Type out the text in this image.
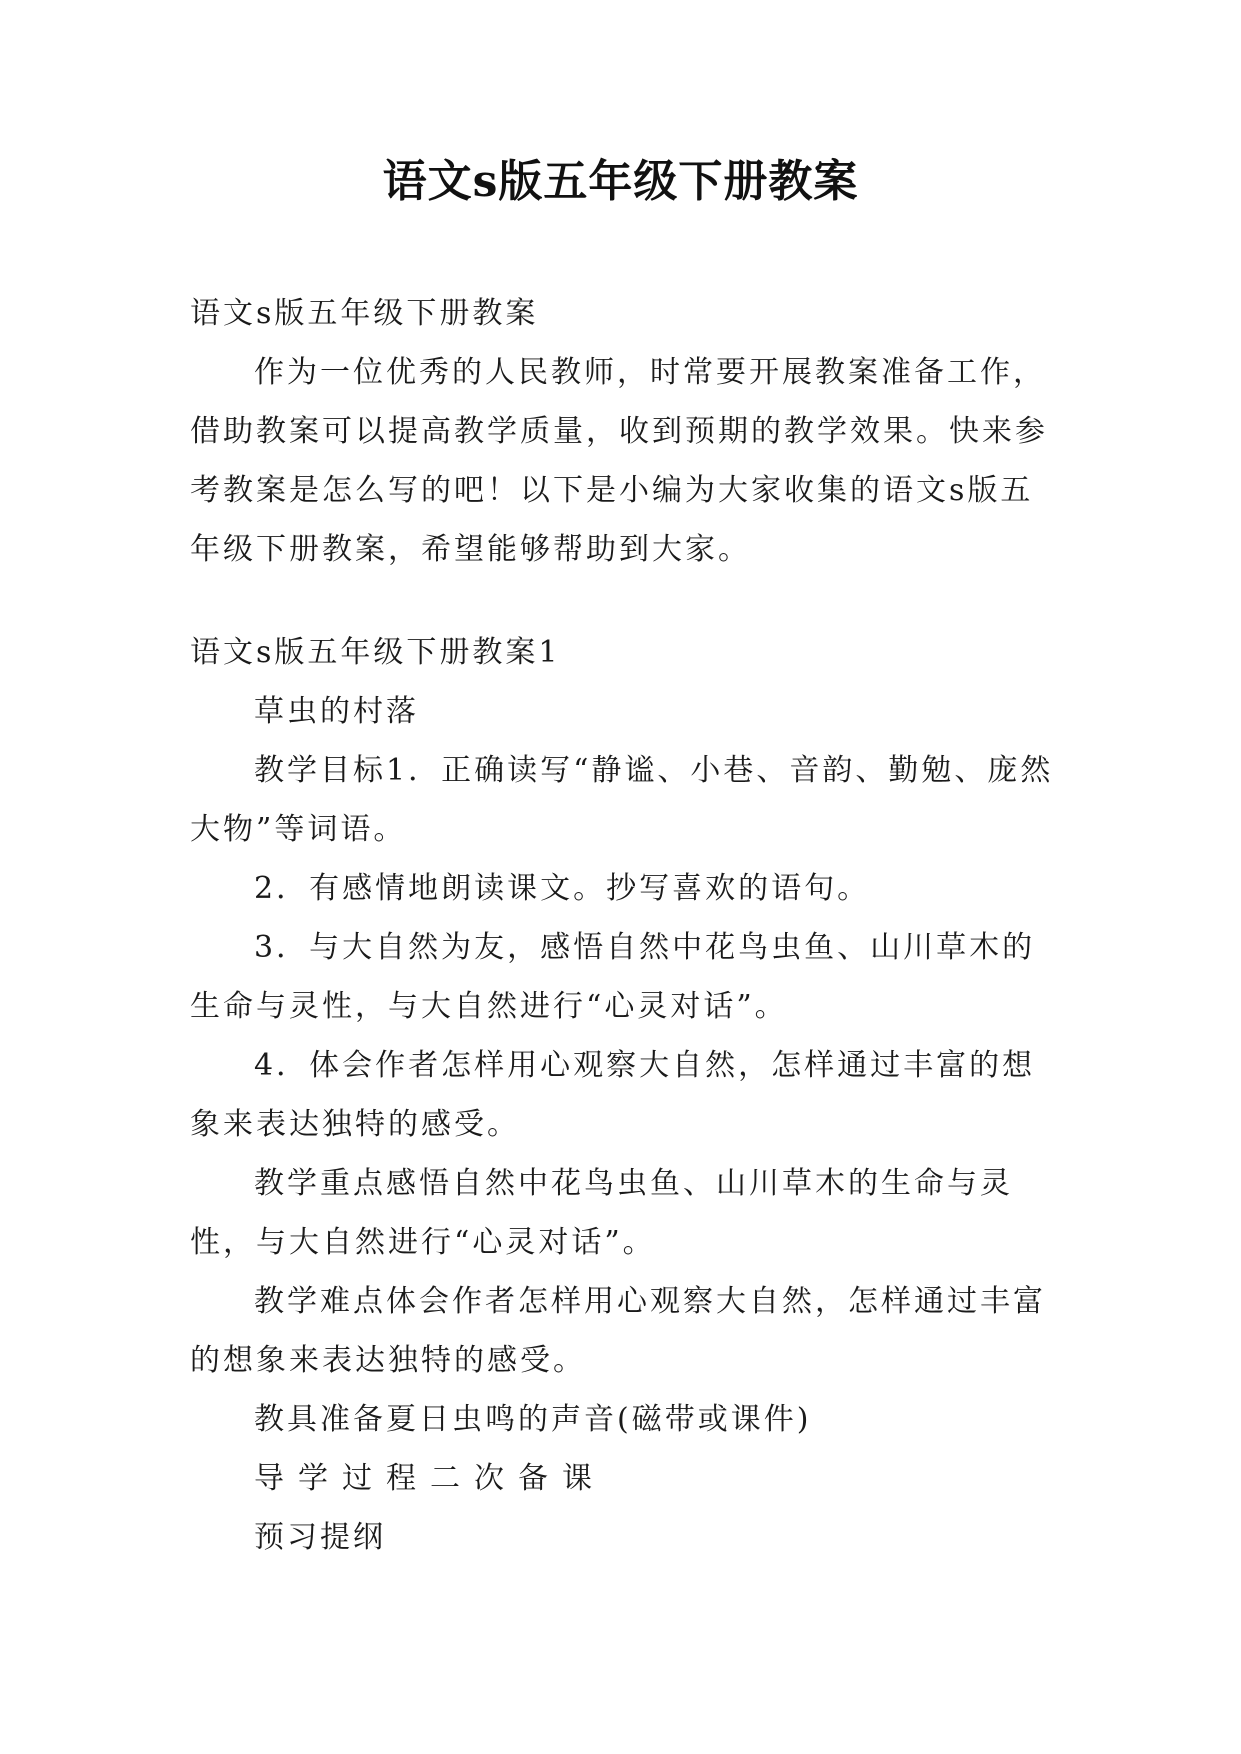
语文s版五年级下册教案

语文s版五年级下册教案

作为一位优秀的人民教师，时常要开展教案准备工作，借助教案可以提高教学质量，收到预期的教学效果。快来参考教案是怎么写的吧！以下是小编为大家收集的语文s版五年级下册教案，希望能够帮助到大家。

语文s版五年级下册教案1

草虫的村落

教学目标1．正确读写“静谧、小巷、音韵、勤勉、庞然大物”等词语。

2．有感情地朗读课文。抄写喜欢的语句。

3．与大自然为友，感悟自然中花鸟虫鱼、山川草木的生命与灵性，与大自然进行“心灵对话”。

4．体会作者怎样用心观察大自然，怎样通过丰富的想象来表达独特的感受。

教学重点感悟自然中花鸟虫鱼、山川草木的生命与灵性，与大自然进行“心灵对话”。

教学难点体会作者怎样用心观察大自然，怎样通过丰富的想象来表达独特的感受。

教具准备夏日虫鸣的声音(磁带或课件)

导学过程二次备课

预习提纲
